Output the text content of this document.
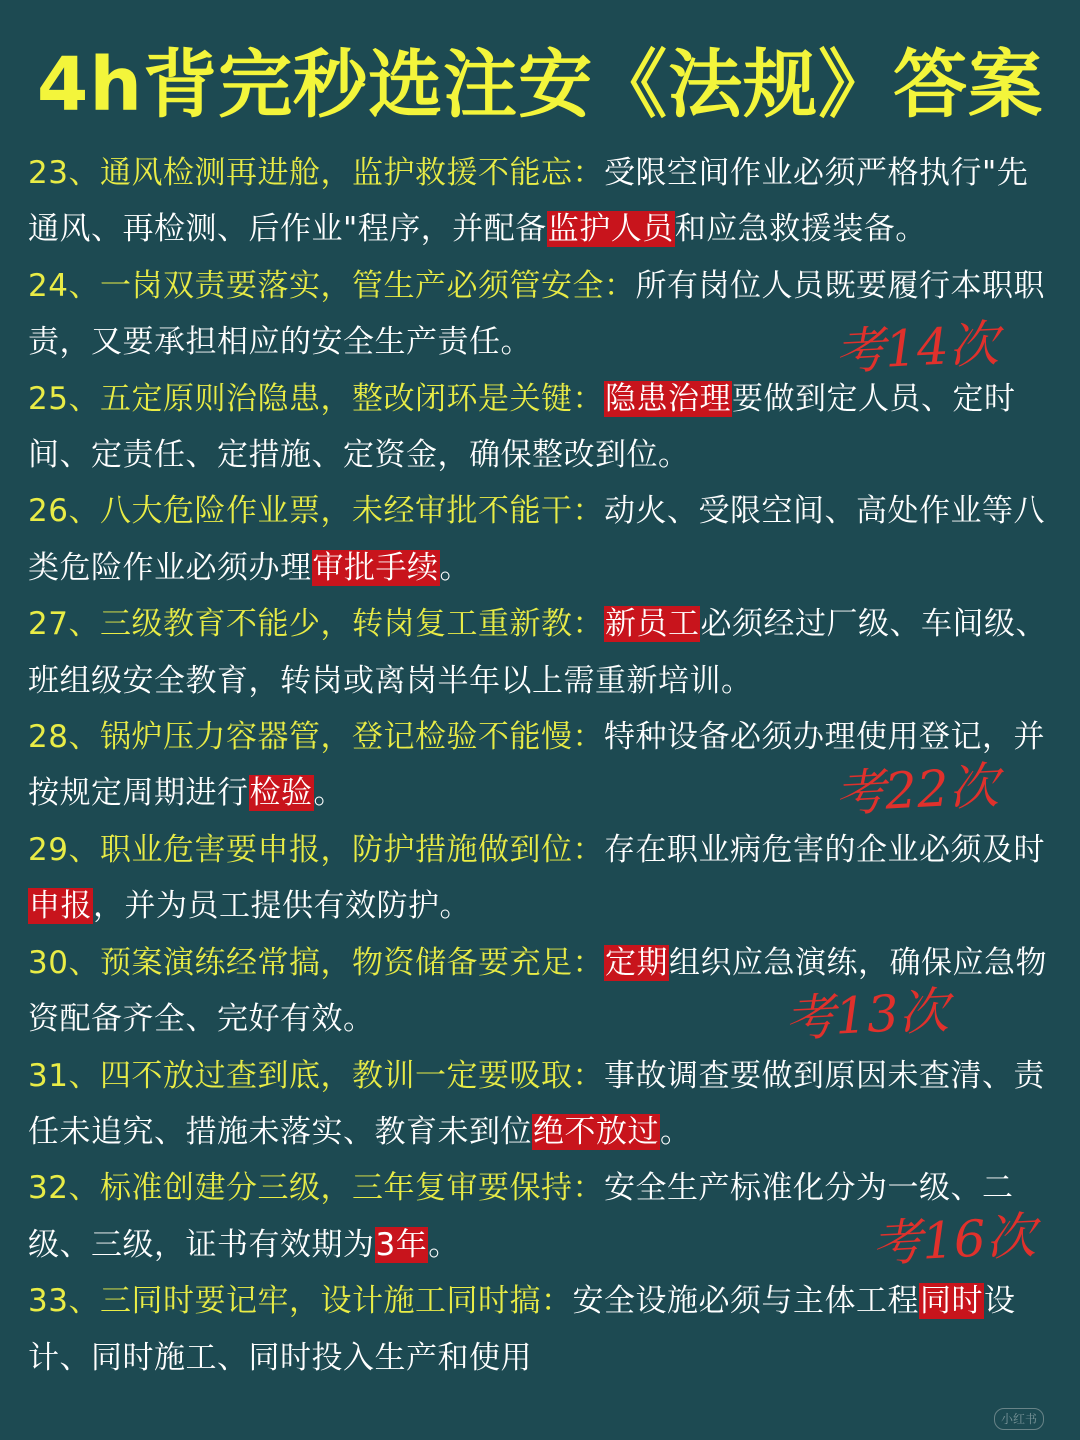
4h背完秒选注安《法规》答案
23、通风检测再进舱，监护救援不能忘：受限空间作业必须严格执行"先通风、再检测、后作业"程序，并配备监护人员和应急救援装备。
24、一岗双责要落实，管生产必须管安全：所有岗位人员既要履行本职职责，又要承担相应的安全生产责任。
25、五定原则治隐患，整改闭环是关键：隐患治理要做到定人员、定时间、定责任、定措施、定资金，确保整改到位。
26、八大危险作业票，未经审批不能干：动火、受限空间、高处作业等八类危险作业必须办理审批手续。
27、三级教育不能少，转岗复工重新教：新员工必须经过厂级、车间级、班组级安全教育，转岗或离岗半年以上需重新培训。
28、锅炉压力容器管，登记检验不能慢：特种设备必须办理使用登记，并按规定周期进行检验。
29、职业危害要申报，防护措施做到位：存在职业病危害的企业必须及时申报，并为员工提供有效防护。
30、预案演练经常搞，物资储备要充足：定期组织应急演练，确保应急物资配备齐全、完好有效。
31、四不放过查到底，教训一定要吸取：事故调查要做到原因未查清、责任未追究、措施未落实、教育未到位绝不放过。
32、标准创建分三级，三年复审要保持：安全生产标准化分为一级、二级、三级，证书有效期为3年。
33、三同时要记牢，设计施工同时搞：安全设施必须与主体工程同时设计、同时施工、同时投入生产和使用
考14次
考22次
考13次
考16次
小红书
